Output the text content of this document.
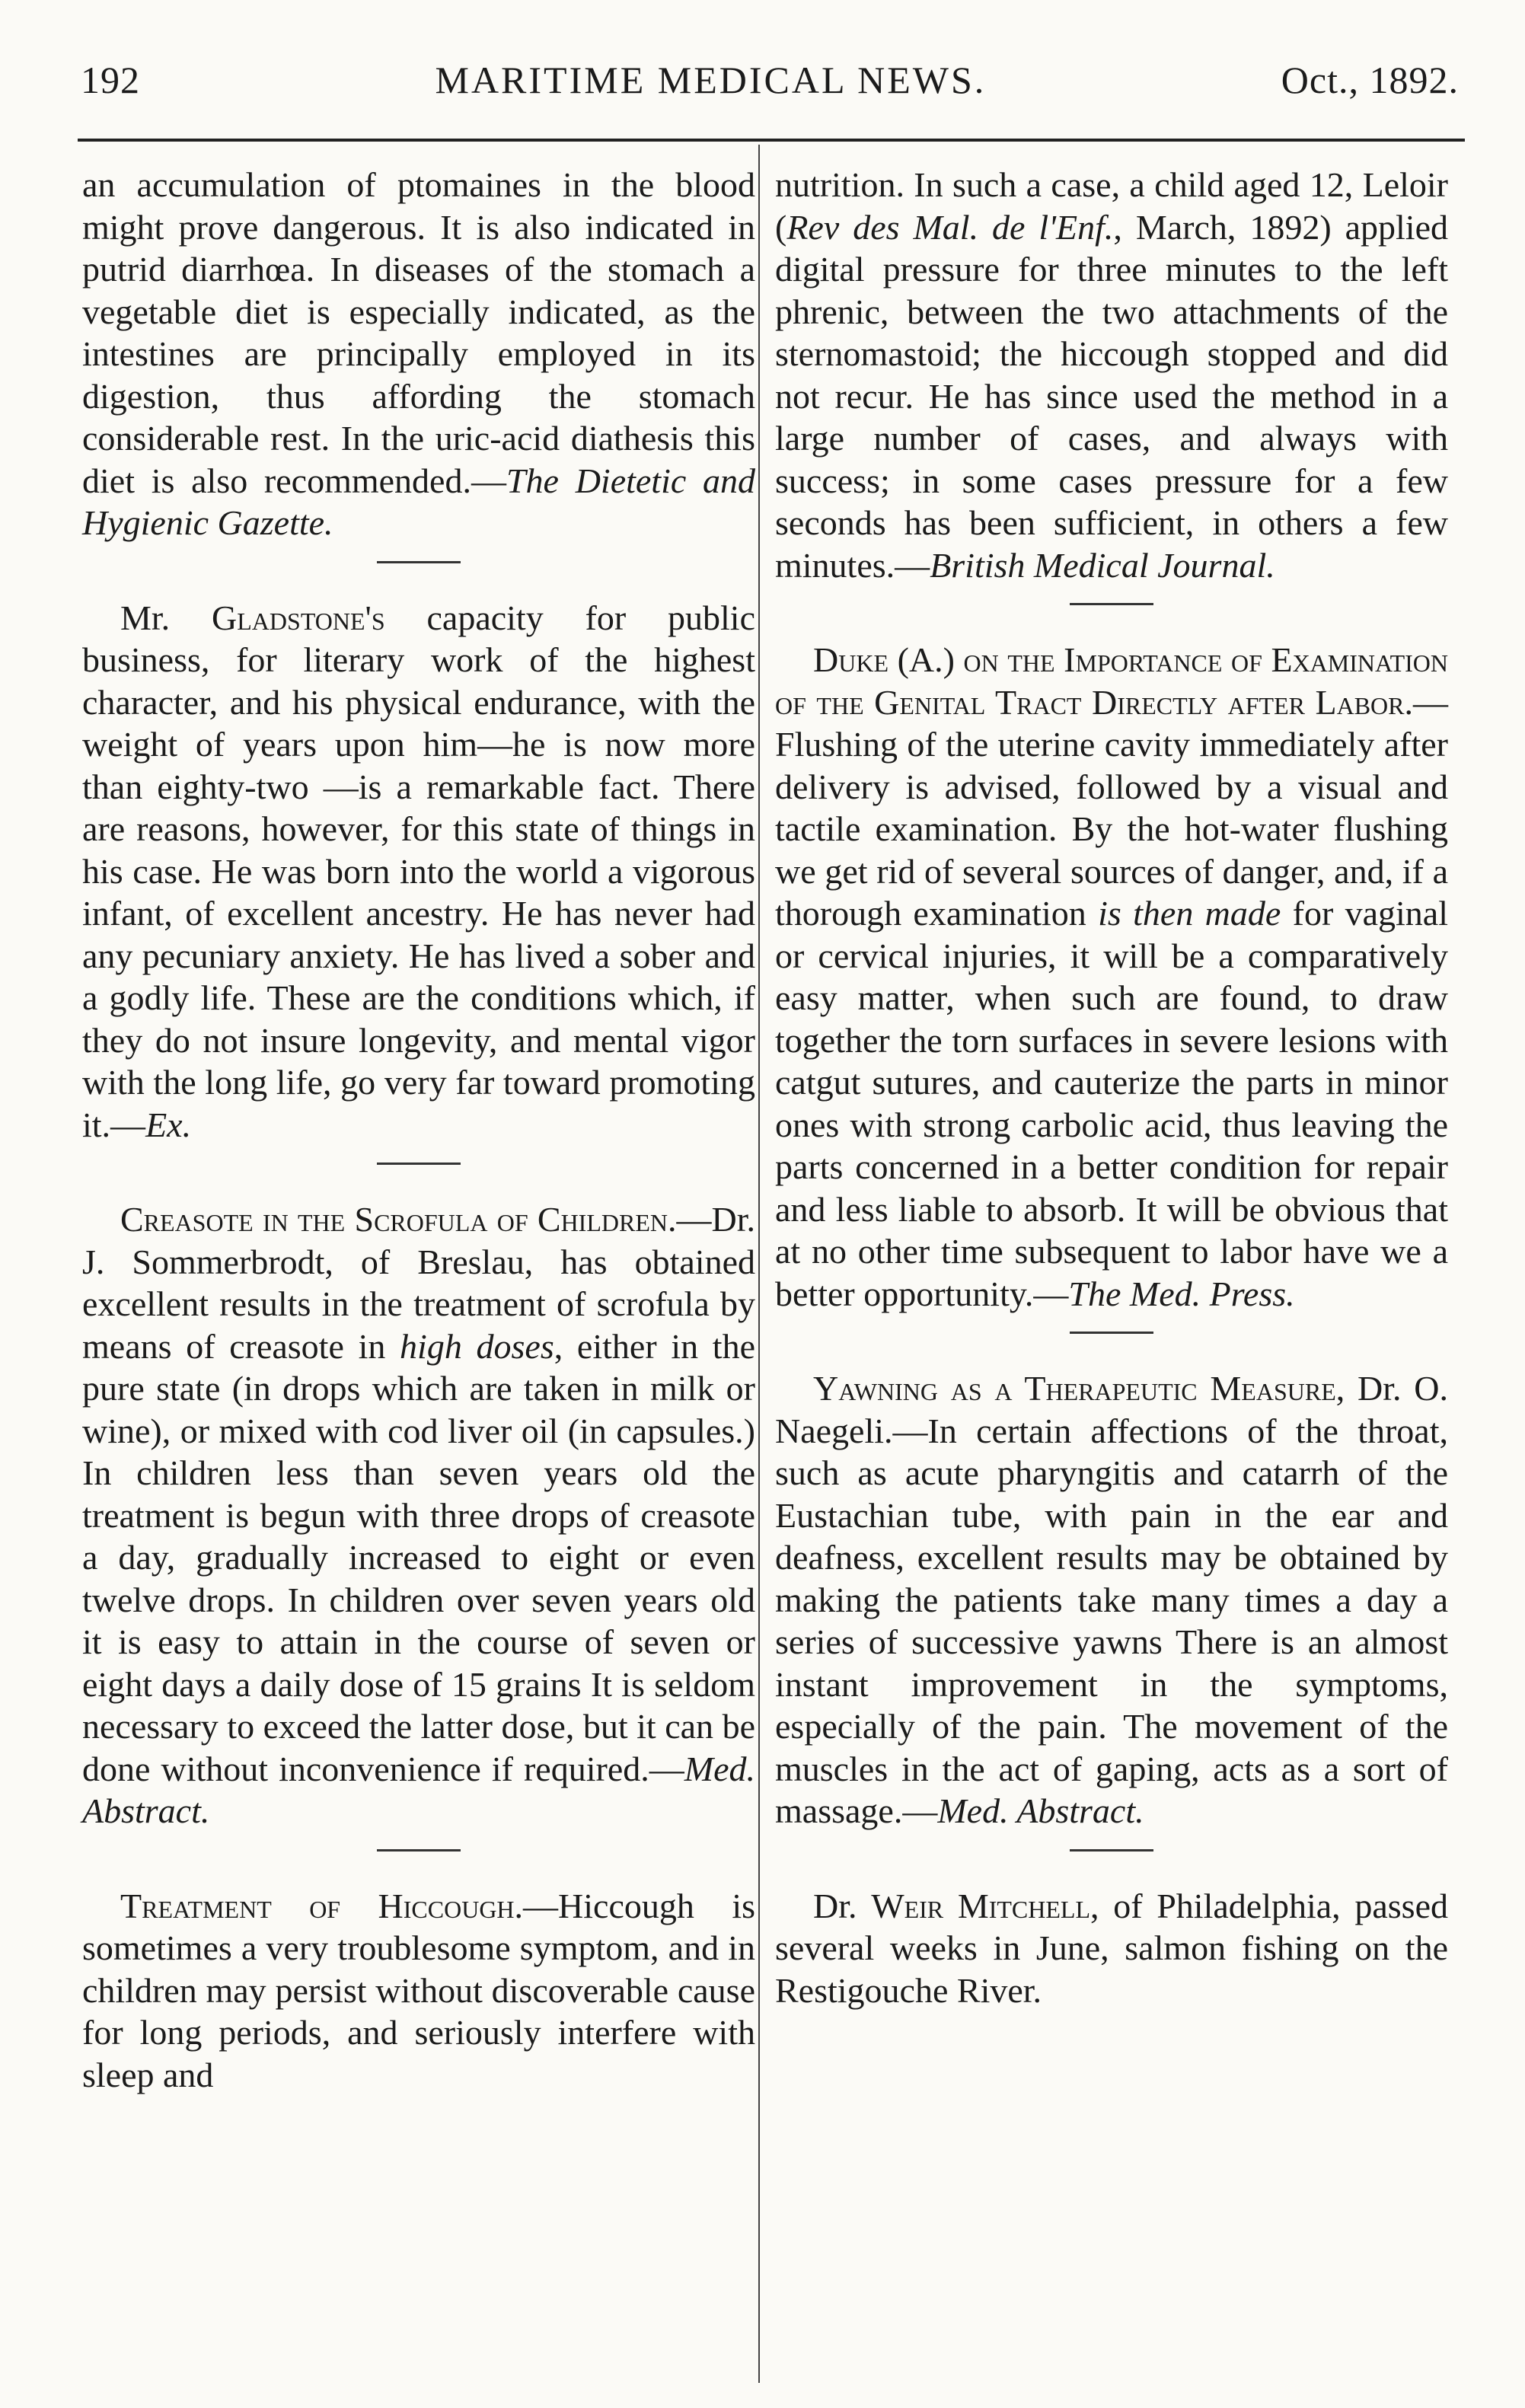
192	MARITIME MEDICAL NEWS.	Oct., 1892.

an accumulation of ptomaines in the blood might prove dangerous. It is also indicated in putrid diarrhœa. In diseases of the stomach a vegetable diet is especially indicated, as the intestines are principally employed in its digestion, thus affording the stomach considerable rest. In the uric-acid diathesis this diet is also recommended.—The Dietetic and Hygienic Gazette.

Mr. Gladstone's capacity for public business, for literary work of the highest character, and his physical endurance, with the weight of years upon him—he is now more than eighty-two —is a remarkable fact. There are reasons, however, for this state of things in his case. He was born into the world a vigorous infant, of excellent ancestry. He has never had any pecuniary anxiety. He has lived a sober and a godly life. These are the conditions which, if they do not insure longevity, and mental vigor with the long life, go very far toward promoting it.—Ex.

Creasote in the Scrofula of Children.—Dr. J. Sommerbrodt, of Breslau, has obtained excellent results in the treatment of scrofula by means of creasote in high doses, either in the pure state (in drops which are taken in milk or wine), or mixed with cod liver oil (in capsules.) In children less than seven years old the treatment is begun with three drops of creasote a day, gradually increased to eight or even twelve drops. In children over seven years old it is easy to attain in the course of seven or eight days a daily dose of 15 grains It is seldom necessary to exceed the latter dose, but it can be done without inconvenience if required.—Med. Abstract.

Treatment of Hiccough.—Hiccough is sometimes a very troublesome symptom, and in children may persist without discoverable cause for long periods, and seriously interfere with sleep and

nutrition. In such a case, a child aged 12, Leloir (Rev des Mal. de l'Enf., March, 1892) applied digital pressure for three minutes to the left phrenic, between the two attachments of the sternomastoid; the hiccough stopped and did not recur. He has since used the method in a large number of cases, and always with success; in some cases pressure for a few seconds has been sufficient, in others a few minutes.—British Medical Journal.

Duke (A.) on the Importance of Examination of the Genital Tract Directly after Labor.—Flushing of the uterine cavity immediately after delivery is advised, followed by a visual and tactile examination. By the hot-water flushing we get rid of several sources of danger, and, if a thorough examination is then made for vaginal or cervical injuries, it will be a comparatively easy matter, when such are found, to draw together the torn surfaces in severe lesions with catgut sutures, and cauterize the parts in minor ones with strong carbolic acid, thus leaving the parts concerned in a better condition for repair and less liable to absorb. It will be obvious that at no other time subsequent to labor have we a better opportunity.—The Med. Press.

Yawning as a Therapeutic Measure, Dr. O. Naegeli.—In certain affections of the throat, such as acute pharyngitis and catarrh of the Eustachian tube, with pain in the ear and deafness, excellent results may be obtained by making the patients take many times a day a series of successive yawns There is an almost instant improvement in the symptoms, especially of the pain. The movement of the muscles in the act of gaping, acts as a sort of massage.—Med. Abstract.

Dr. Weir Mitchell, of Philadelphia, passed several weeks in June, salmon fishing on the Restigouche River.
